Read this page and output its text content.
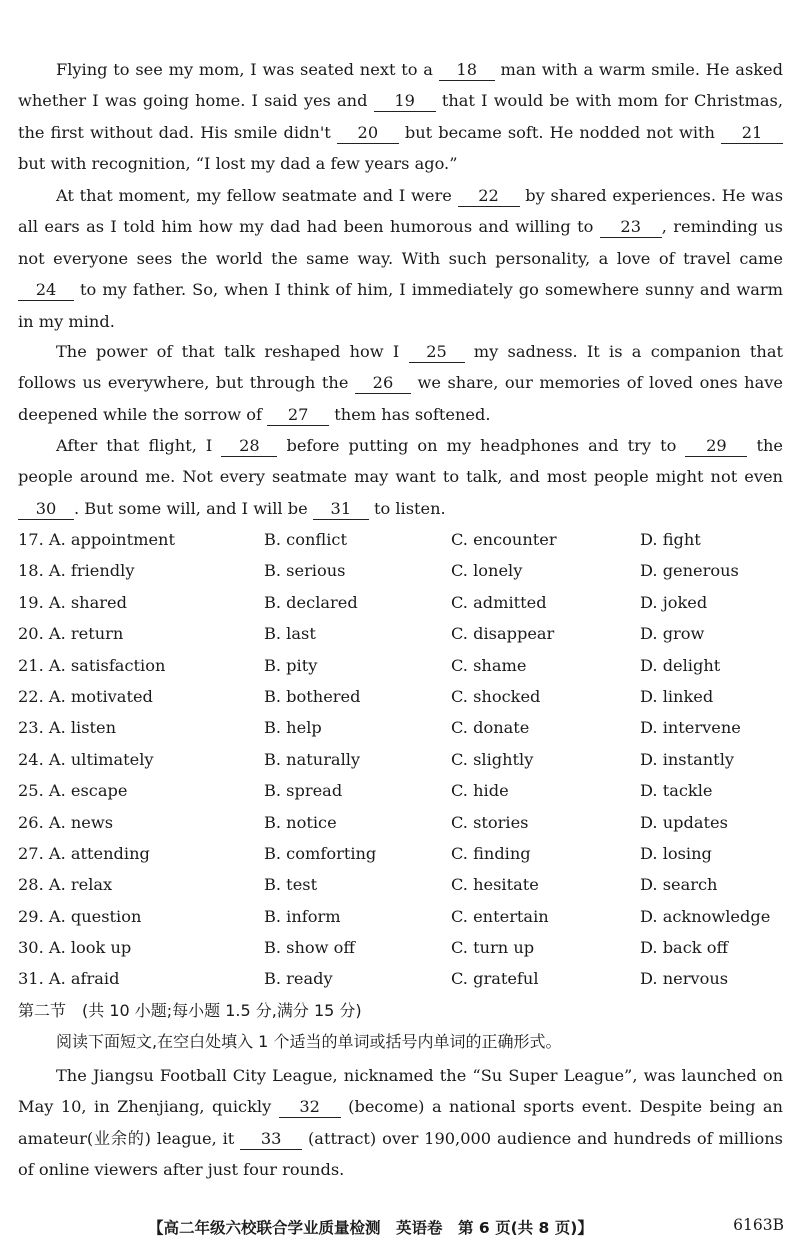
Flying to see my mom, I was seated next to a 18 man with a warm smile. He asked whether I was going home. I said yes and 19 that I would be with mom for Christmas, the first without dad. His smile didn't 20 but became soft. He nodded not with 21 but with recognition, “I lost my dad a few years ago.”
At that moment, my fellow seatmate and I were 22 by shared experiences. He was all ears as I told him how my dad had been humorous and willing to 23 , reminding us not everyone sees the world the same way. With such personality, a love of travel came 24 to my father. So, when I think of him, I immediately go somewhere sunny and warm in my mind.
The power of that talk reshaped how I 25 my sadness. It is a companion that follows us everywhere, but through the 26 we share, our memories of loved ones have deepened while the sorrow of 27 them has softened.
After that flight, I 28 before putting on my headphones and try to 29 the people around me. Not every seatmate may want to talk, and most people might not even 30 . But some will, and I will be 31 to listen.
17. A. appointment	B. conflict	C. encounter	D. fight
18. A. friendly	B. serious	C. lonely	D. generous
19. A. shared	B. declared	C. admitted	D. joked
20. A. return	B. last	C. disappear	D. grow
21. A. satisfaction	B. pity	C. shame	D. delight
22. A. motivated	B. bothered	C. shocked	D. linked
23. A. listen	B. help	C. donate	D. intervene
24. A. ultimately	B. naturally	C. slightly	D. instantly
25. A. escape	B. spread	C. hide	D. tackle
26. A. news	B. notice	C. stories	D. updates
27. A. attending	B. comforting	C. finding	D. losing
28. A. relax	B. test	C. hesitate	D. search
29. A. question	B. inform	C. entertain	D. acknowledge
30. A. look up	B. show off	C. turn up	D. back off
31. A. afraid	B. ready	C. grateful	D. nervous
第二节　(共 10 小题;每小题 1.5 分,满分 15 分)
阅读下面短文,在空白处填入 1 个适当的单词或括号内单词的正确形式。
The Jiangsu Football City League, nicknamed the “Su Super League”, was launched on May 10, in Zhenjiang, quickly 32 (become) a national sports event. Despite being an amateur(业余的) league, it 33 (attract) over 190,000 audience and hundreds of millions of online viewers after just four rounds.
【高二年级六校联合学业质量检测　英语卷　第 6 页(共 8 页)】	6163B
